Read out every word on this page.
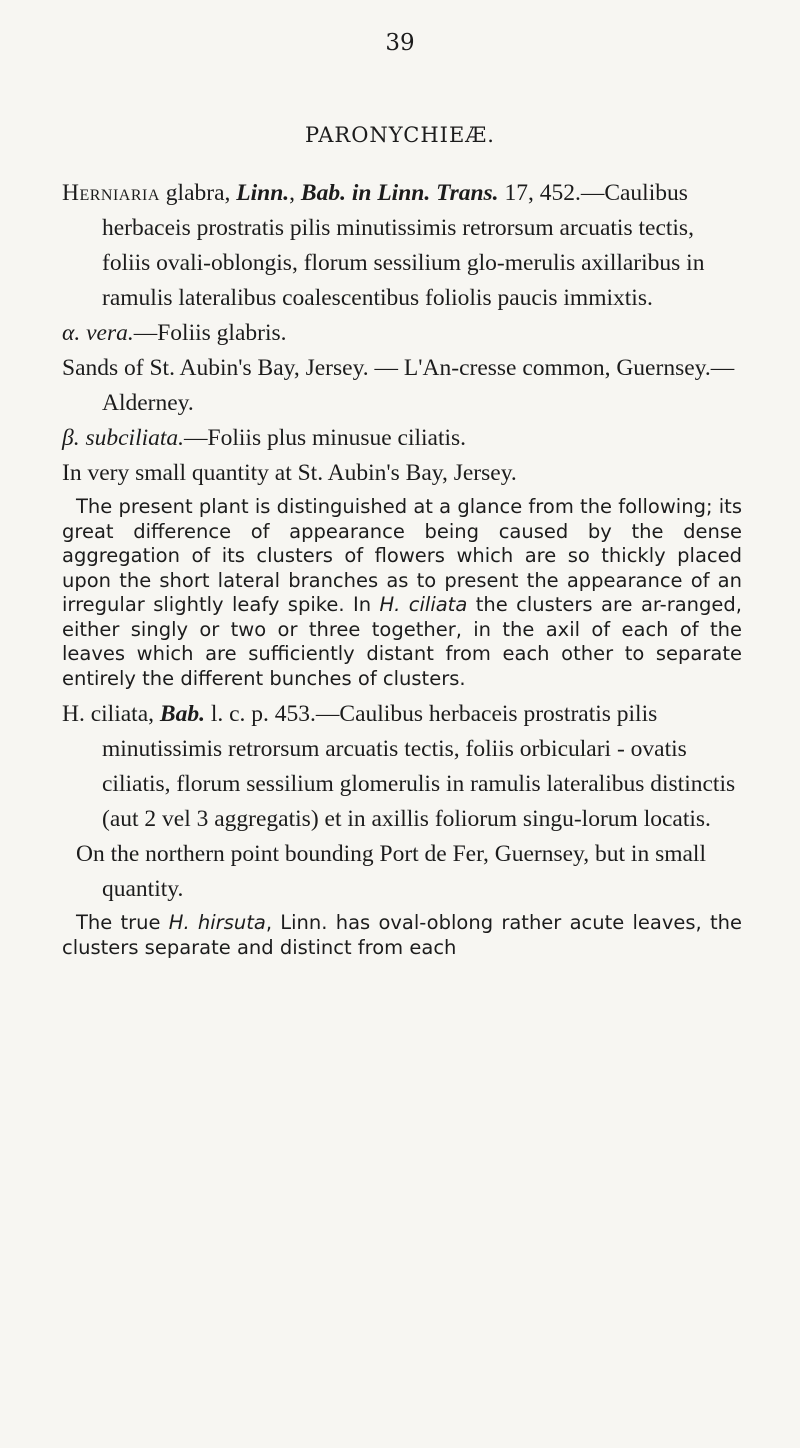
39
PARONYCHIEÆ.

Herniaria glabra, Linn., Bab. in Linn. Trans. 17, 452.—Caulibus herbaceis prostratis pilis minutissimis retrorsum arcuatis tectis, foliis ovali-oblongis, florum sessilium glo-merulis axillaribus in ramulis lateralibus coalescentibus foliolis paucis immixtis.

α. vera.—Foliis glabris.

Sands of St. Aubin's Bay, Jersey. — L'An-cresse common, Guernsey.—Alderney.

β. subciliata.—Foliis plus minusue ciliatis.

In very small quantity at St. Aubin's Bay, Jersey.

The present plant is distinguished at a glance from the following; its great difference of appearance being caused by the dense aggregation of its clusters of flowers which are so thickly placed upon the short lateral branches as to present the appearance of an irregular slightly leafy spike. In H. ciliata the clusters are ar-ranged, either singly or two or three together, in the axil of each of the leaves which are sufficiently distant from each other to separate entirely the different bunches of clusters.

H. ciliata, Bab. l. c. p. 453.—Caulibus herbaceis prostratis pilis minutissimis retrorsum arcuatis tectis, foliis orbiculari - ovatis ciliatis, florum sessilium glomerulis in ramulis lateralibus distinctis (aut 2 vel 3 aggregatis) et in axillis foliorum singu-lorum locatis.

On the northern point bounding Port de Fer, Guernsey, but in small quantity.

The true H. hirsuta, Linn. has oval-oblong rather acute leaves, the clusters separate and distinct from each
